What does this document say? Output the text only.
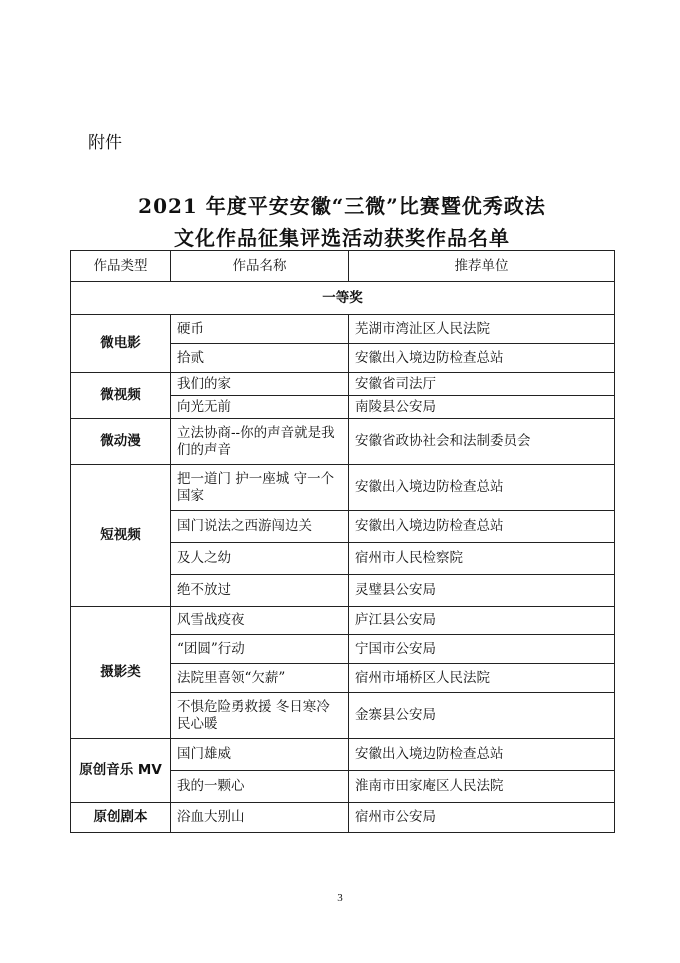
附件
2021 年度平安安徽“三微”比赛暨优秀政法
文化作品征集评选活动获奖作品名单
作品类型	作品名称	推荐单位
一等奖		
微电影	硬币	芜湖市湾沚区人民法院
	拾贰	安徽出入境边防检查总站
微视频	我们的家	安徽省司法厅
	向光无前	南陵县公安局
微动漫	立法协商--你的声音就是我们的声音	安徽省政协社会和法制委员会
短视频	把一道门 护一座城 守一个国家	安徽出入境边防检查总站
	国门说法之西游闯边关	安徽出入境边防检查总站
	及人之幼	宿州市人民检察院
	绝不放过	灵璧县公安局
摄影类	风雪战疫夜	庐江县公安局
	“团圆”行动	宁国市公安局
	法院里喜领“欠薪”	宿州市埇桥区人民法院
	不惧危险勇救援 冬日寒冷民心暖	金寨县公安局
原创音乐 MV	国门雄威	安徽出入境边防检查总站
	我的一颗心	淮南市田家庵区人民法院
原创剧本	浴血大别山	宿州市公安局
3
